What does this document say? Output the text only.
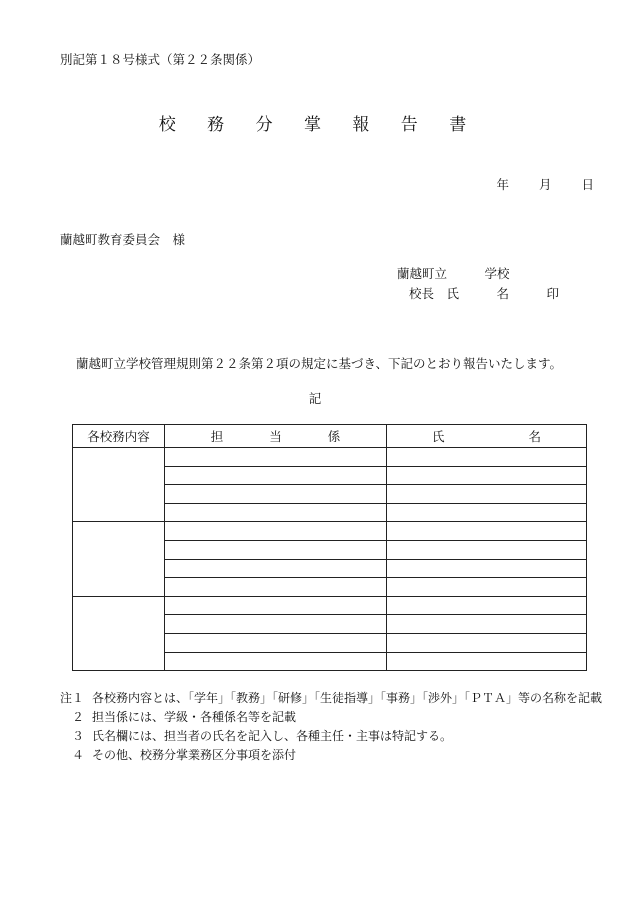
別記第１８号様式（第２２条関係）
校 務 分 掌 報 告 書
年 月 日
蘭越町教育委員会　様
蘭越町立　　　学校
校長　氏　　　名　　　印
蘭越町立学校管理規則第２２条第２項の規定に基づき、下記のとおり報告いたします。
記
各校務内容	担 当 係	氏 名

注１ 各校務内容とは、「学年」「教務」「研修」「生徒指導」「事務」「渉外」「ＰＴＡ」等の名称を記載
２ 担当係には、学級・各種係名等を記載
３ 氏名欄には、担当者の氏名を記入し、各種主任・主事は特記する。
４ その他、校務分掌業務区分事項を添付
